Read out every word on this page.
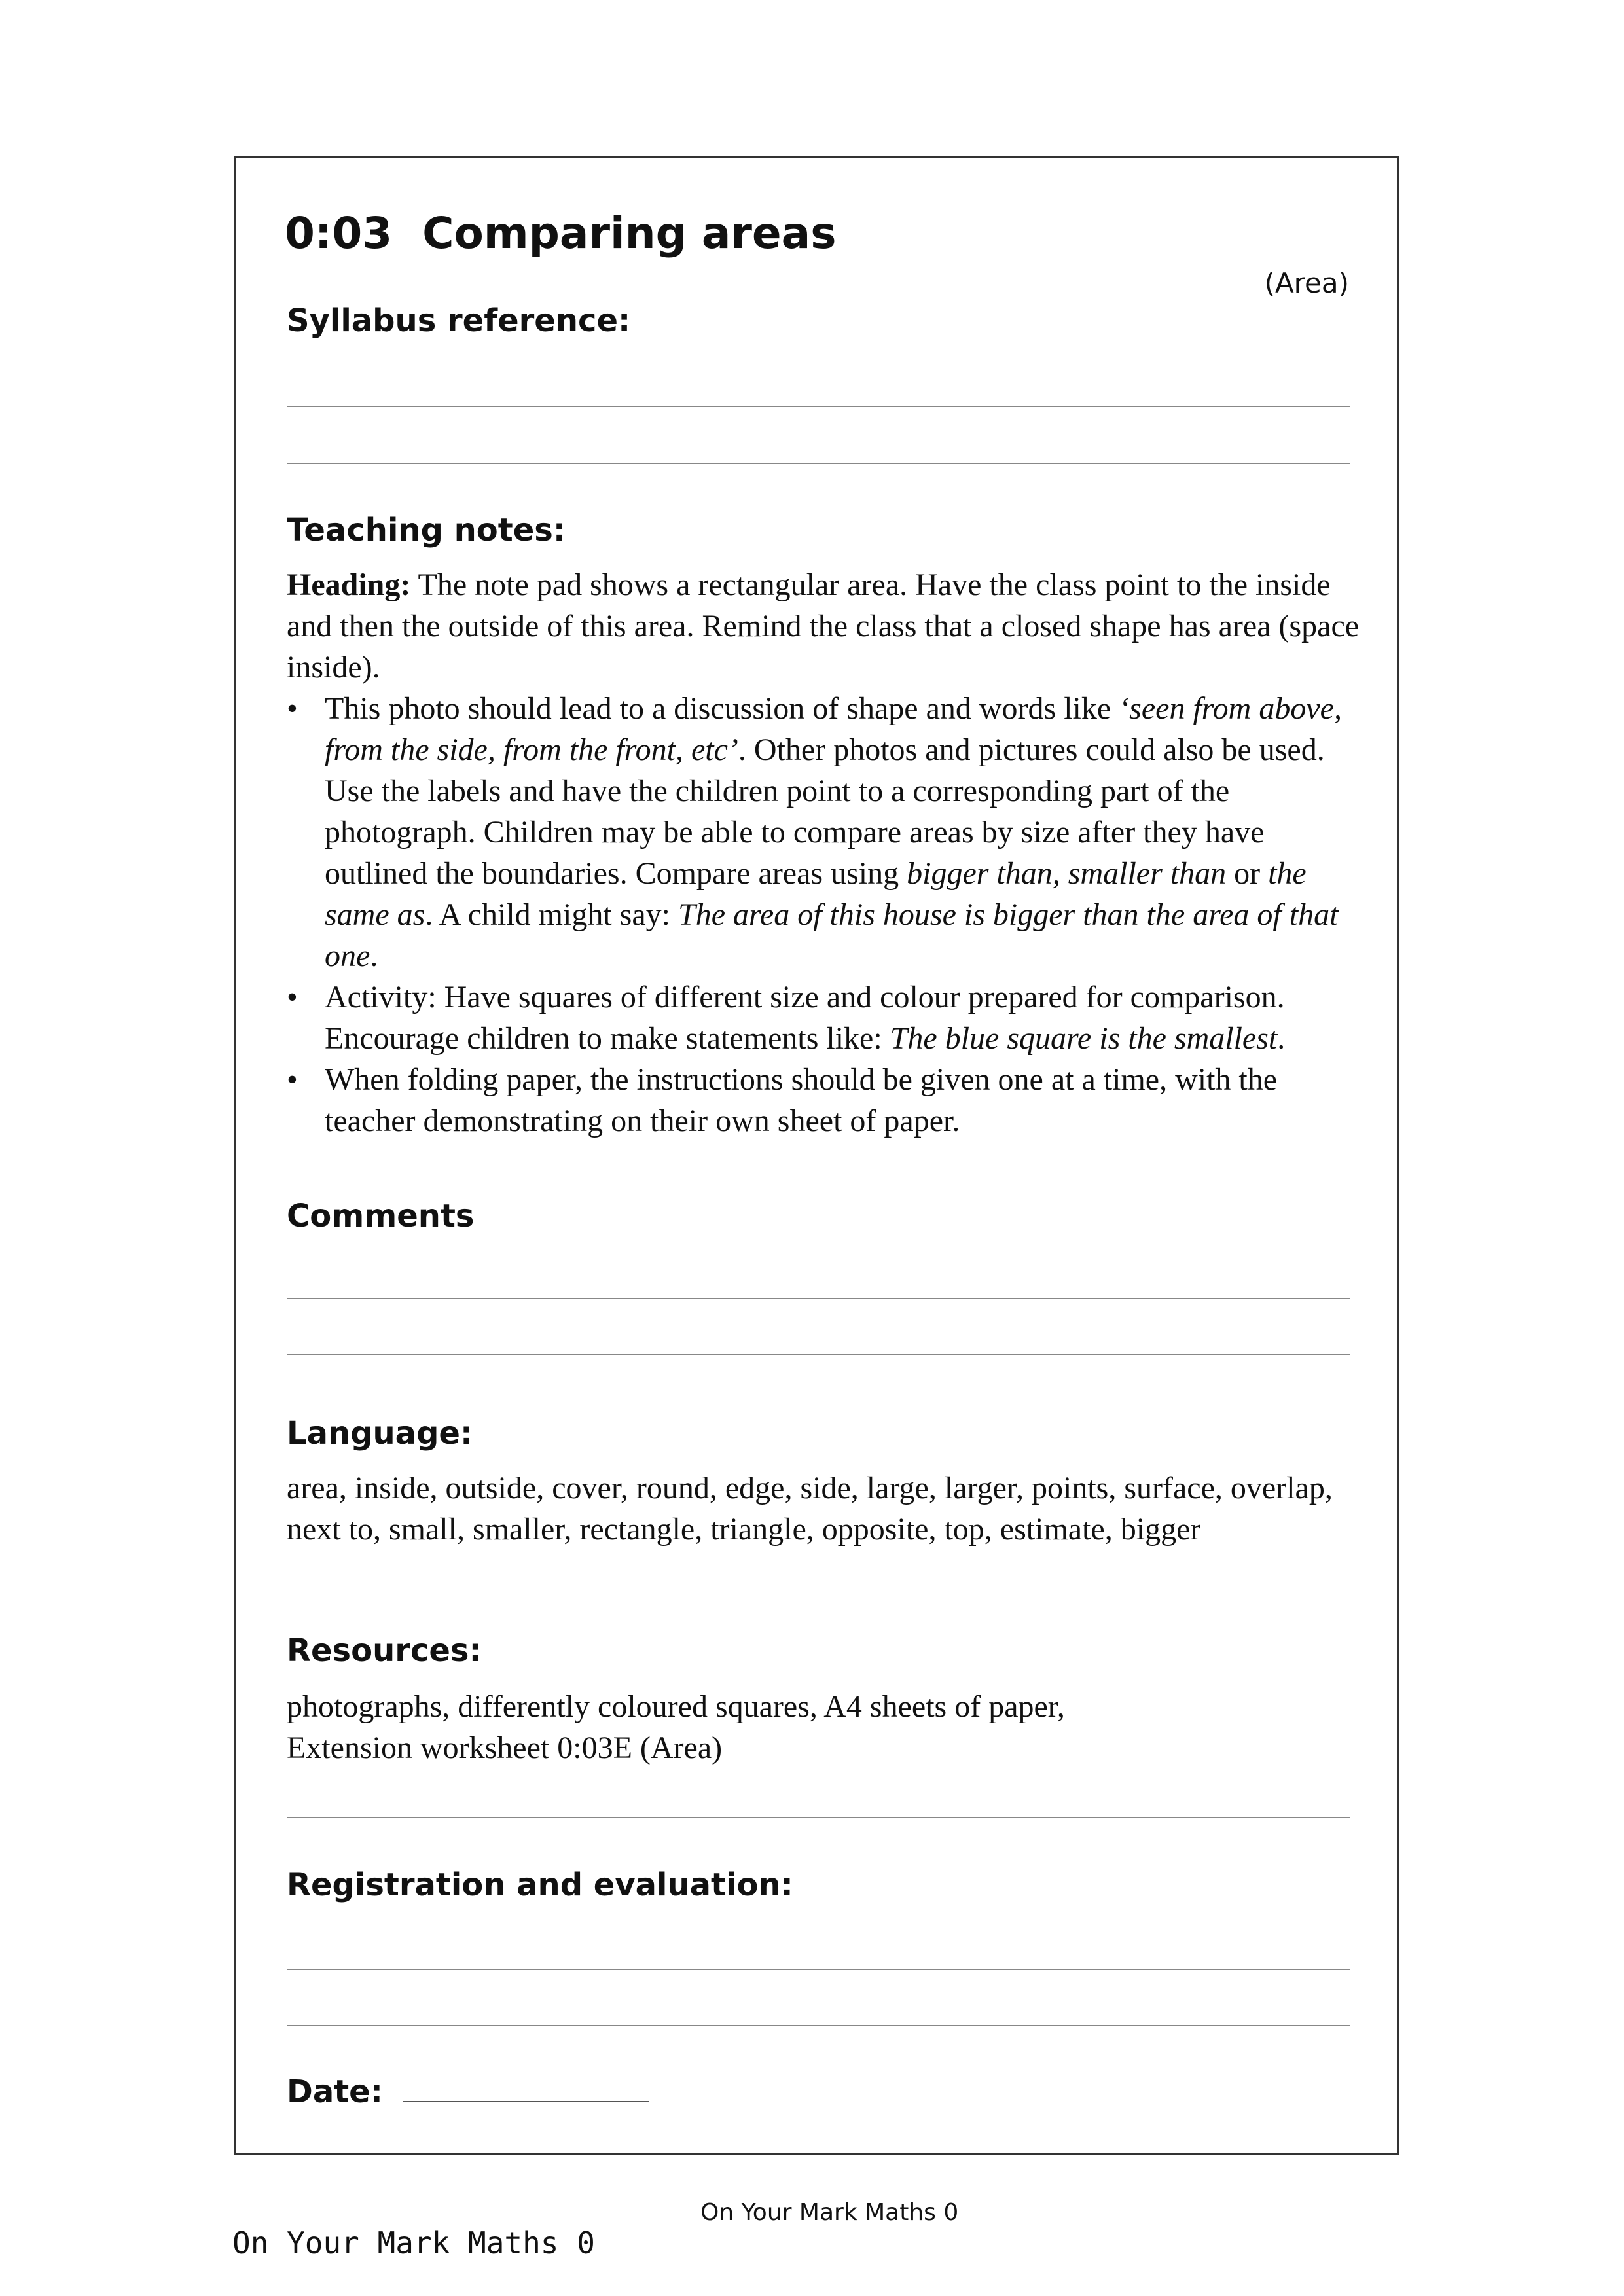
0:03  Comparing areas
(Area)
Syllabus reference:
Teaching notes:

Heading: The note pad shows a rectangular area. Have the class point to the inside and then the outside of this area. Remind the class that a closed shape has area (space inside).

• This photo should lead to a discussion of shape and words like ‘seen from above, from the side, from the front, etc’. Other photos and pictures could also be used. Use the labels and have the children point to a corresponding part of the photograph. Children may be able to compare areas by size after they have outlined the boundaries. Compare areas using bigger than, smaller than or the same as. A child might say: The area of this house is bigger than the area of that one.
• Activity: Have squares of different size and colour prepared for comparison. Encourage children to make statements like: The blue square is the smallest.
• When folding paper, the instructions should be given one at a time, with the teacher demonstrating on their own sheet of paper.
Comments
Language:

area, inside, outside, cover, round, edge, side, large, larger, points, surface, overlap, next to, small, smaller, rectangle, triangle, opposite, top, estimate, bigger

Resources:

photographs, differently coloured squares, A4 sheets of paper,

Extension worksheet 0:03E (Area)

Registration and evaluation:
Date:
On Your Mark Maths 0
On Your Mark Maths 0
